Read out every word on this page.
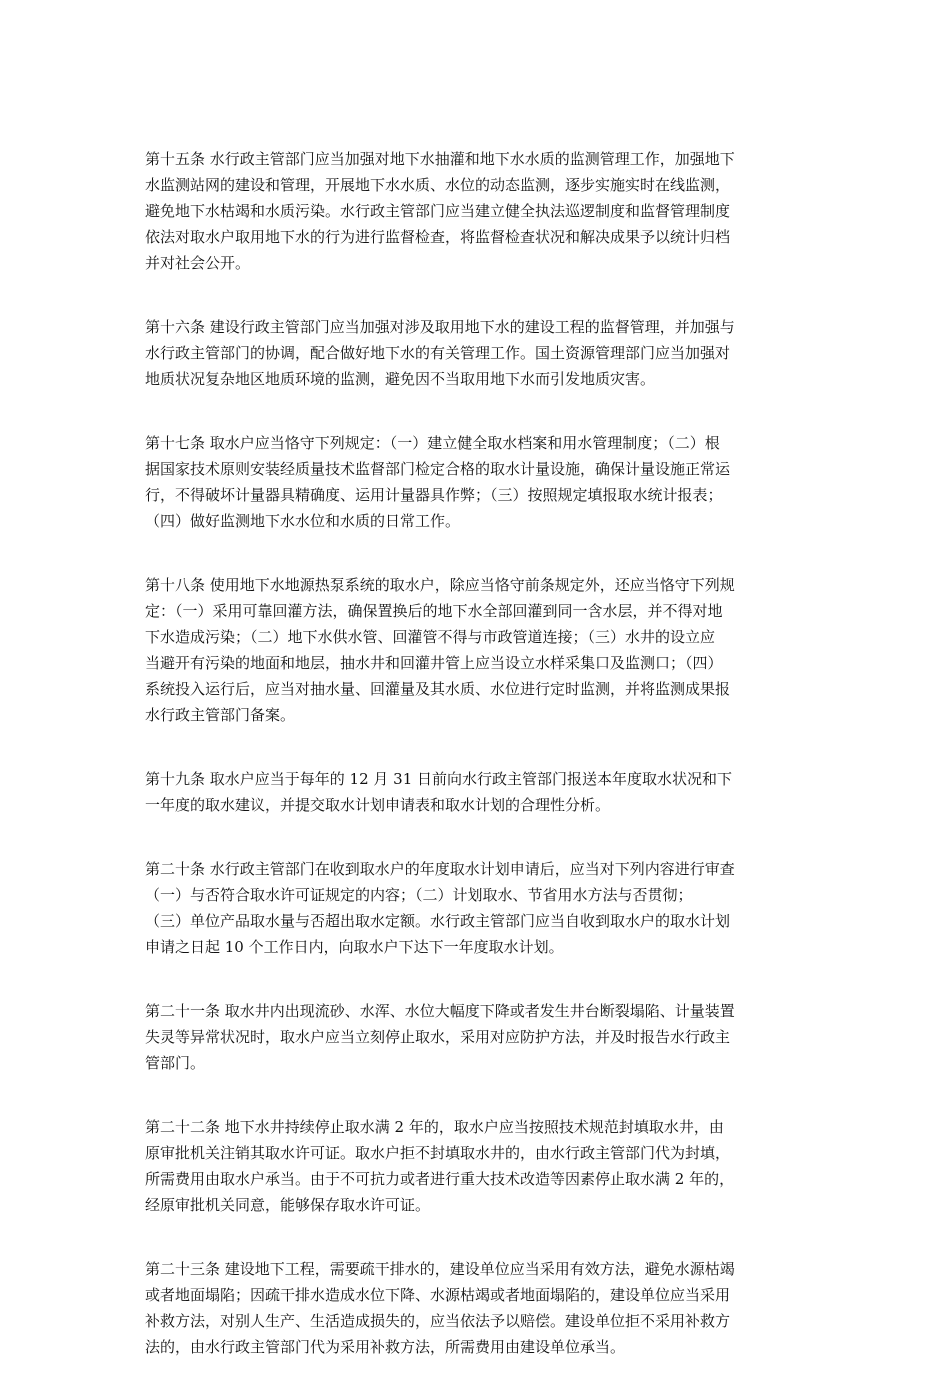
第十五条 水行政主管部门应当加强对地下水抽灌和地下水水质的监测管理工作，加强地下
水监测站网的建设和管理，开展地下水水质、水位的动态监测，逐步实施实时在线监测，
避免地下水枯竭和水质污染。水行政主管部门应当建立健全执法巡逻制度和监督管理制度
依法对取水户取用地下水的行为进行监督检查，将监督检查状况和解决成果予以统计归档
并对社会公开。
第十六条 建设行政主管部门应当加强对涉及取用地下水的建设工程的监督管理，并加强与
水行政主管部门的协调，配合做好地下水的有关管理工作。国土资源管理部门应当加强对
地质状况复杂地区地质环境的监测，避免因不当取用地下水而引发地质灾害。
第十七条 取水户应当恪守下列规定：（一）建立健全取水档案和用水管理制度；（二）根
据国家技术原则安装经质量技术监督部门检定合格的取水计量设施，确保计量设施正常运
行，不得破坏计量器具精确度、运用计量器具作弊；（三）按照规定填报取水统计报表；
（四）做好监测地下水水位和水质的日常工作。
第十八条 使用地下水地源热泵系统的取水户，除应当恪守前条规定外，还应当恪守下列规
定：（一）采用可靠回灌方法，确保置换后的地下水全部回灌到同一含水层，并不得对地
下水造成污染；（二）地下水供水管、回灌管不得与市政管道连接；（三）水井的设立应
当避开有污染的地面和地层，抽水井和回灌井管上应当设立水样采集口及监测口；（四）
系统投入运行后，应当对抽水量、回灌量及其水质、水位进行定时监测，并将监测成果报
水行政主管部门备案。
第十九条 取水户应当于每年的 12 月 31 日前向水行政主管部门报送本年度取水状况和下
一年度的取水建议，并提交取水计划申请表和取水计划的合理性分析。
第二十条 水行政主管部门在收到取水户的年度取水计划申请后，应当对下列内容进行审查
（一）与否符合取水许可证规定的内容；（二）计划取水、节省用水方法与否贯彻；
（三）单位产品取水量与否超出取水定额。水行政主管部门应当自收到取水户的取水计划
申请之日起 10 个工作日内，向取水户下达下一年度取水计划。
第二十一条 取水井内出现流砂、水浑、水位大幅度下降或者发生井台断裂塌陷、计量装置
失灵等异常状况时，取水户应当立刻停止取水，采用对应防护方法，并及时报告水行政主
管部门。
第二十二条 地下水井持续停止取水满 2 年的，取水户应当按照技术规范封填取水井，由
原审批机关注销其取水许可证。取水户拒不封填取水井的，由水行政主管部门代为封填，
所需费用由取水户承当。由于不可抗力或者进行重大技术改造等因素停止取水满 2 年的，
经原审批机关同意，能够保存取水许可证。
第二十三条 建设地下工程，需要疏干排水的，建设单位应当采用有效方法，避免水源枯竭
或者地面塌陷；因疏干排水造成水位下降、水源枯竭或者地面塌陷的，建设单位应当采用
补救方法，对别人生产、生活造成损失的，应当依法予以赔偿。建设单位拒不采用补救方
法的，由水行政主管部门代为采用补救方法，所需费用由建设单位承当。
